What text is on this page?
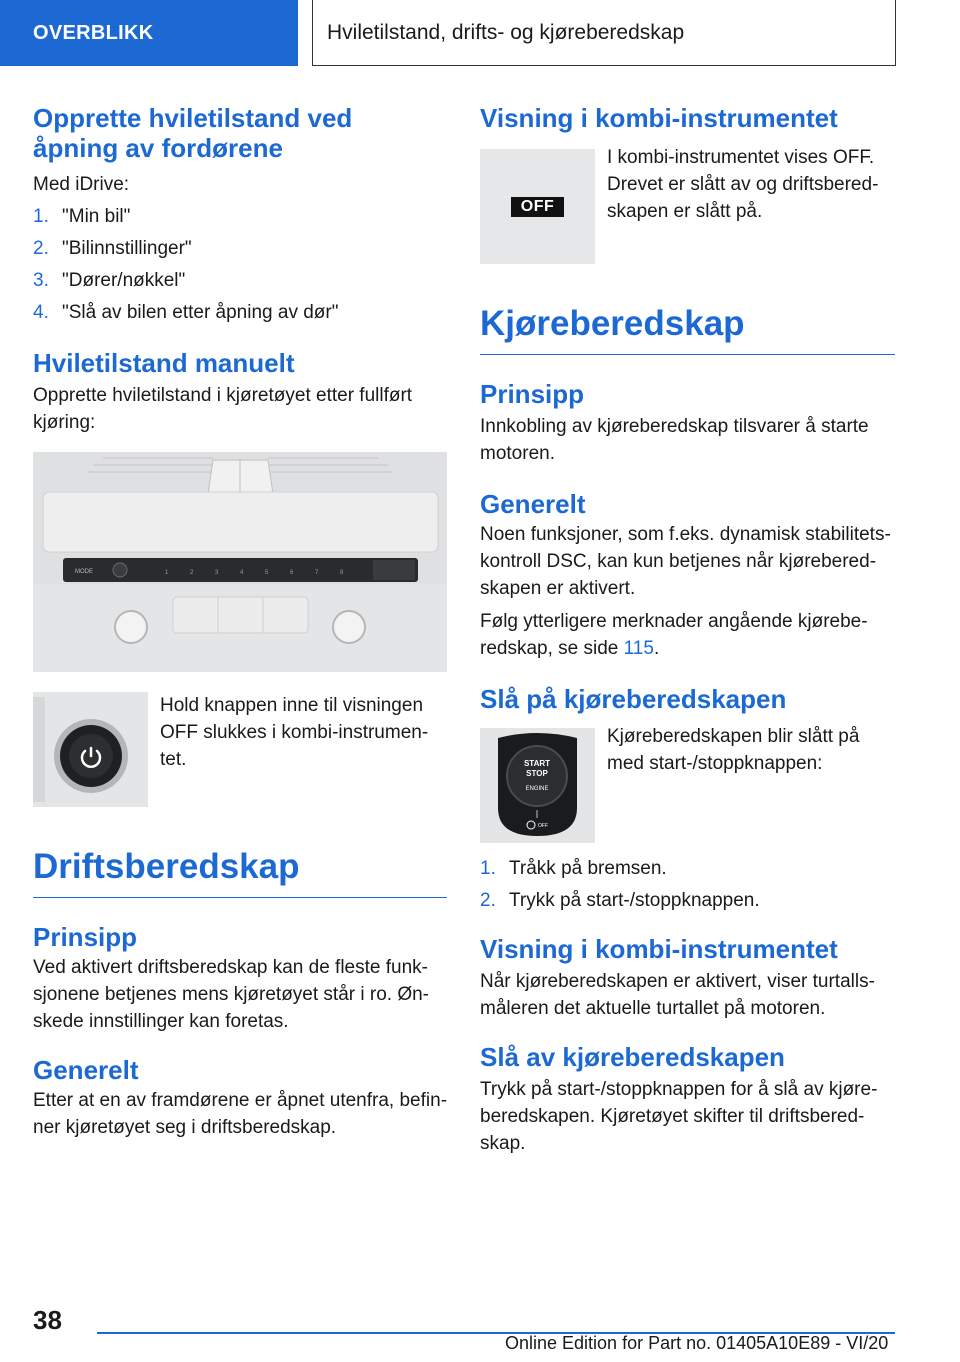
OVERBLIKK	Hviletilstand, drifts- og kjøreberedskap
Opprette hviletilstand ved
åpning av fordørene
Med iDrive:
1. "Min bil"
2. "Bilinnstillinger"
3. "Dører/nøkkel"
4. "Slå av bilen etter åpning av dør"
Hviletilstand manuelt
Opprette hviletilstand i kjøretøyet etter fullført kjøring:
MODE	1	2	3	4	5	6	7	8
Hold knappen inne til visningen OFF slukkes i kombi-instrumentet.
Driftsberedskap
Prinsipp
Ved aktivert driftsberedskap kan de fleste funksjonene betjenes mens kjøretøyet står i ro. Ønskede innstillinger kan foretas.
Generelt
Etter at en av framdørene er åpnet utenfra, befinner kjøretøyet seg i driftsberedskap.
Visning i kombi-instrumentet
OFF
I kombi-instrumentet vises OFF. Drevet er slått av og driftsberedskapen er slått på.
Kjøreberedskap
Prinsipp
Innkobling av kjøreberedskap tilsvarer å starte motoren.
Generelt
Noen funksjoner, som f.eks. dynamisk stabilitetskontroll DSC, kan kun betjenes når kjøreberedskapen er aktivert.
Følg ytterligere merknader angående kjøreberedskap, se side 115.
Slå på kjøreberedskapen
START
STOP
ENGINE
OFF
Kjøreberedskapen blir slått på med start-/stoppknappen:
1. Tråkk på bremsen.
2. Trykk på start-/stoppknappen.
Visning i kombi-instrumentet
Når kjøreberedskapen er aktivert, viser turtallsmåleren det aktuelle turtallet på motoren.
Slå av kjøreberedskapen
Trykk på start-/stoppknappen for å slå av kjøreberedskapen. Kjøretøyet skifter til driftsberedskap.
38
Online Edition for Part no. 01405A10E89 - VI/20
